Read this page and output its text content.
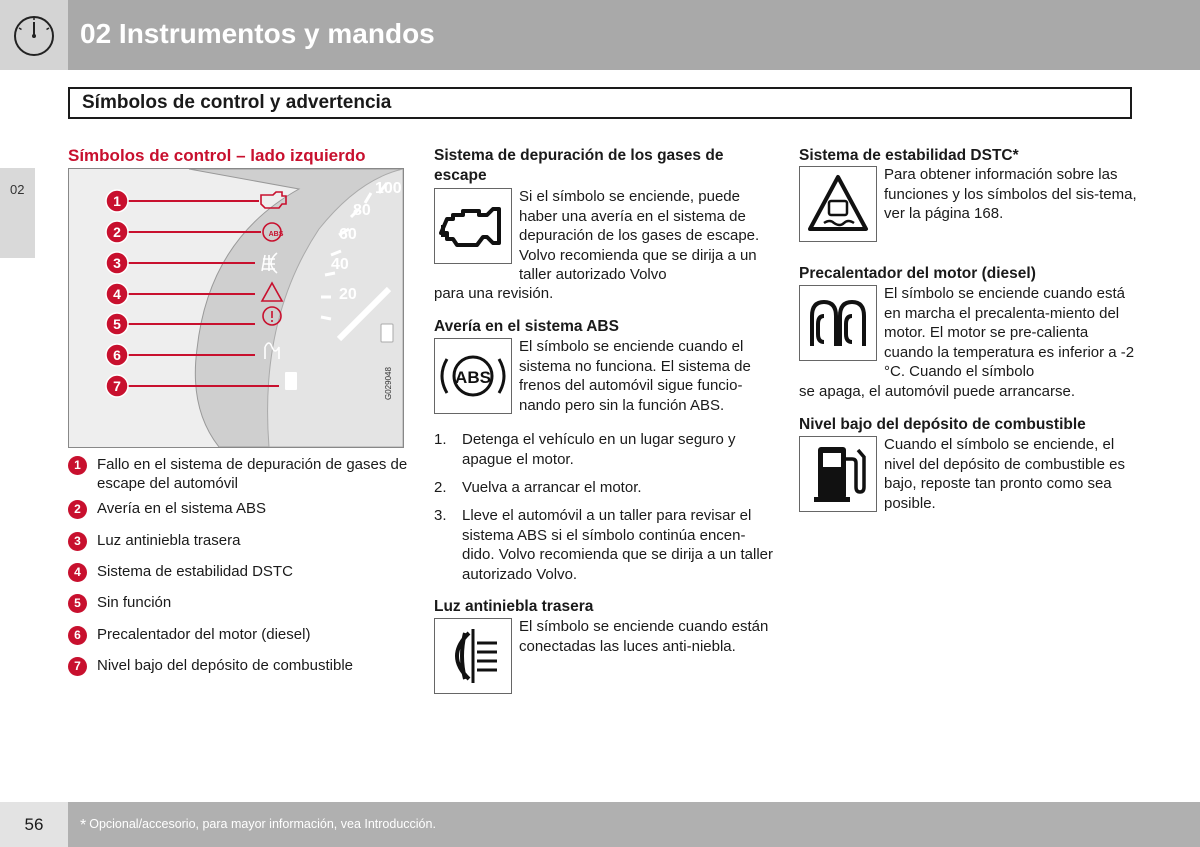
02 Instrumentos y mandos
Símbolos de control y advertencia
02
Símbolos de control – lado izquierdo
100
80
60
40
20
1
2
3
4
5
6
7
ABS
G029048
1	Fallo en el sistema de depuración de gases de escape del automóvil
2	Avería en el sistema ABS
3	Luz antiniebla trasera
4	Sistema de estabilidad DSTC
5	Sin función
6	Precalentador del motor (diesel)
7	Nivel bajo del depósito de combustible
Sistema de depuración de los gases de escape
Si el símbolo se enciende, puede haber una avería en el sistema de depuración de los gases de escape. Volvo recomienda que se dirija a un taller autorizado Volvo
para una revisión.
Avería en el sistema ABS
ABS
El símbolo se enciende cuando el sistema no funciona. El sistema de frenos del automóvil sigue funcio-nando pero sin la función ABS.
1. Detenga el vehículo en un lugar seguro y apague el motor.
2. Vuelva a arrancar el motor.
3. Lleve el automóvil a un taller para revisar el sistema ABS si el símbolo continúa encen-dido. Volvo recomienda que se dirija a un taller autorizado Volvo.
Luz antiniebla trasera
El símbolo se enciende cuando están conectadas las luces anti-niebla.
Sistema de estabilidad DSTC*
Para obtener información sobre las funciones y los símbolos del sis-tema, ver la página 168.
Precalentador del motor (diesel)
El símbolo se enciende cuando está en marcha el precalenta-miento del motor. El motor se pre-calienta cuando la temperatura es inferior a -2 °C. Cuando el símbolo
se apaga, el automóvil puede arrancarse.
Nivel bajo del depósito de combustible
Cuando el símbolo se enciende, el nivel del depósito de combustible es bajo, reposte tan pronto como sea posible.
56	* Opcional/accesorio, para mayor información, vea Introducción.
